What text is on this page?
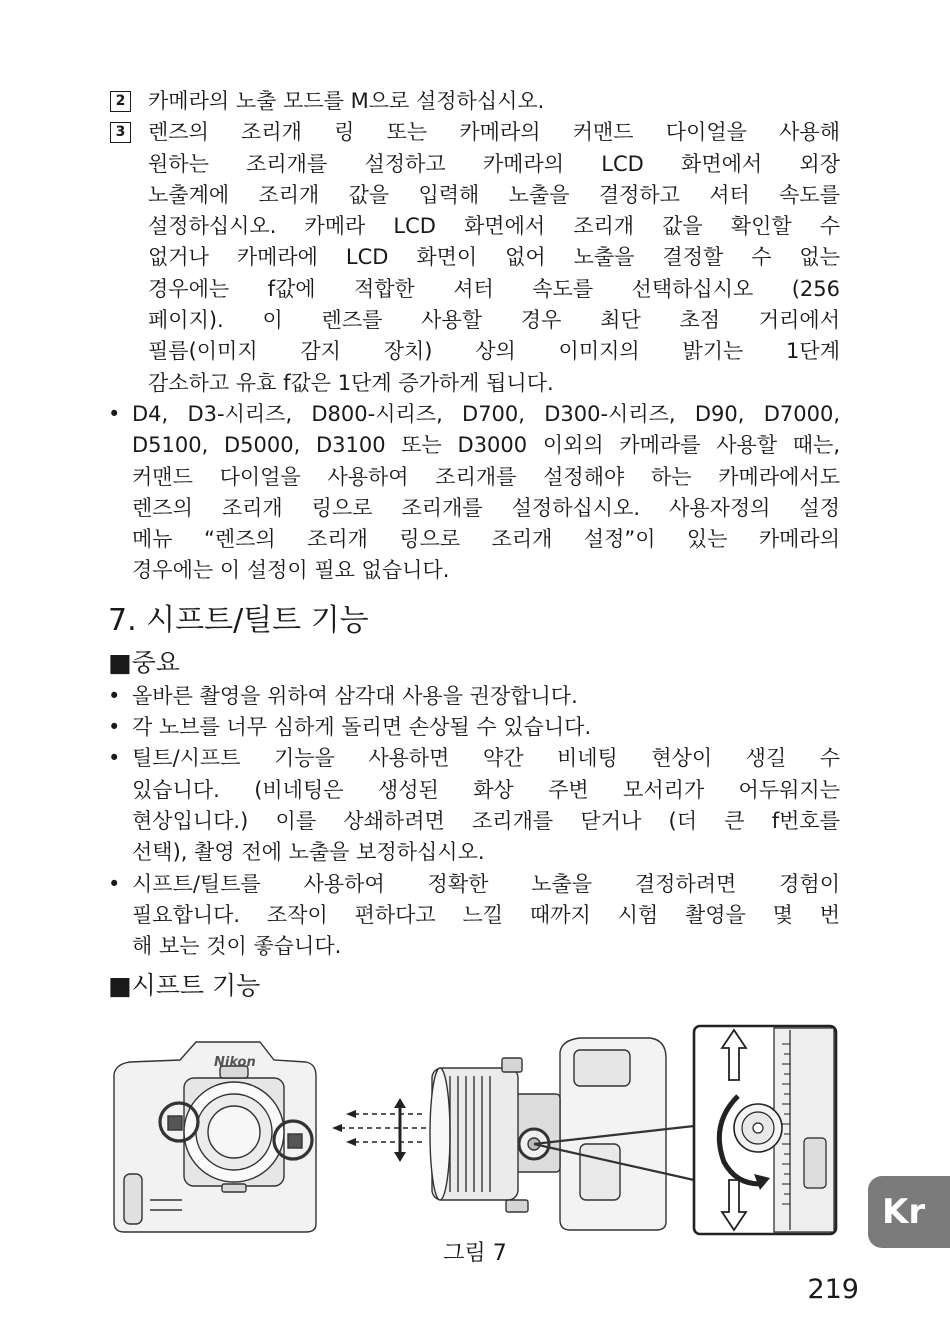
2 카메라의 노출 모드를 M으로 설정하십시오.
3 렌즈의 조리개 링 또는 카메라의 커맨드 다이얼을 사용해
원하는 조리개를 설정하고 카메라의 LCD 화면에서 외장
노출계에 조리개 값을 입력해 노출을 결정하고 셔터 속도를
설정하십시오. 카메라 LCD 화면에서 조리개 값을 확인할 수
없거나 카메라에 LCD 화면이 없어 노출을 결정할 수 없는
경우에는 f값에 적합한 셔터 속도를 선택하십시오 (256
페이지). 이 렌즈를 사용할 경우 최단 초점 거리에서
필름(이미지 감지 장치) 상의 이미지의 밝기는 1단계
감소하고 유효 f값은 1단계 증가하게 됩니다.
• D4, D3-시리즈, D800-시리즈, D700, D300-시리즈, D90, D7000,
D5100, D5000, D3100 또는 D3000 이외의 카메라를 사용할 때는,
커맨드 다이얼을 사용하여 조리개를 설정해야 하는 카메라에서도
렌즈의 조리개 링으로 조리개를 설정하십시오. 사용자정의 설정
메뉴 “렌즈의 조리개 링으로 조리개 설정”이 있는 카메라의
경우에는 이 설정이 필요 없습니다.
7. 시프트/틸트 기능
■중요
• 올바른 촬영을 위하여 삼각대 사용을 권장합니다.
• 각 노브를 너무 심하게 돌리면 손상될 수 있습니다.
• 틸트/시프트 기능을 사용하면 약간 비네팅 현상이 생길 수
있습니다. (비네팅은 생성된 화상 주변 모서리가 어두워지는
현상입니다.) 이를 상쇄하려면 조리개를 닫거나 (더 큰 f번호를
선택), 촬영 전에 노출을 보정하십시오.
• 시프트/틸트를 사용하여 정확한 노출을 결정하려면 경험이
필요합니다. 조작이 편하다고 느낄 때까지 시험 촬영을 몇 번
해 보는 것이 좋습니다.
■시프트 기능
Nikon
그림 7
Kr
219
